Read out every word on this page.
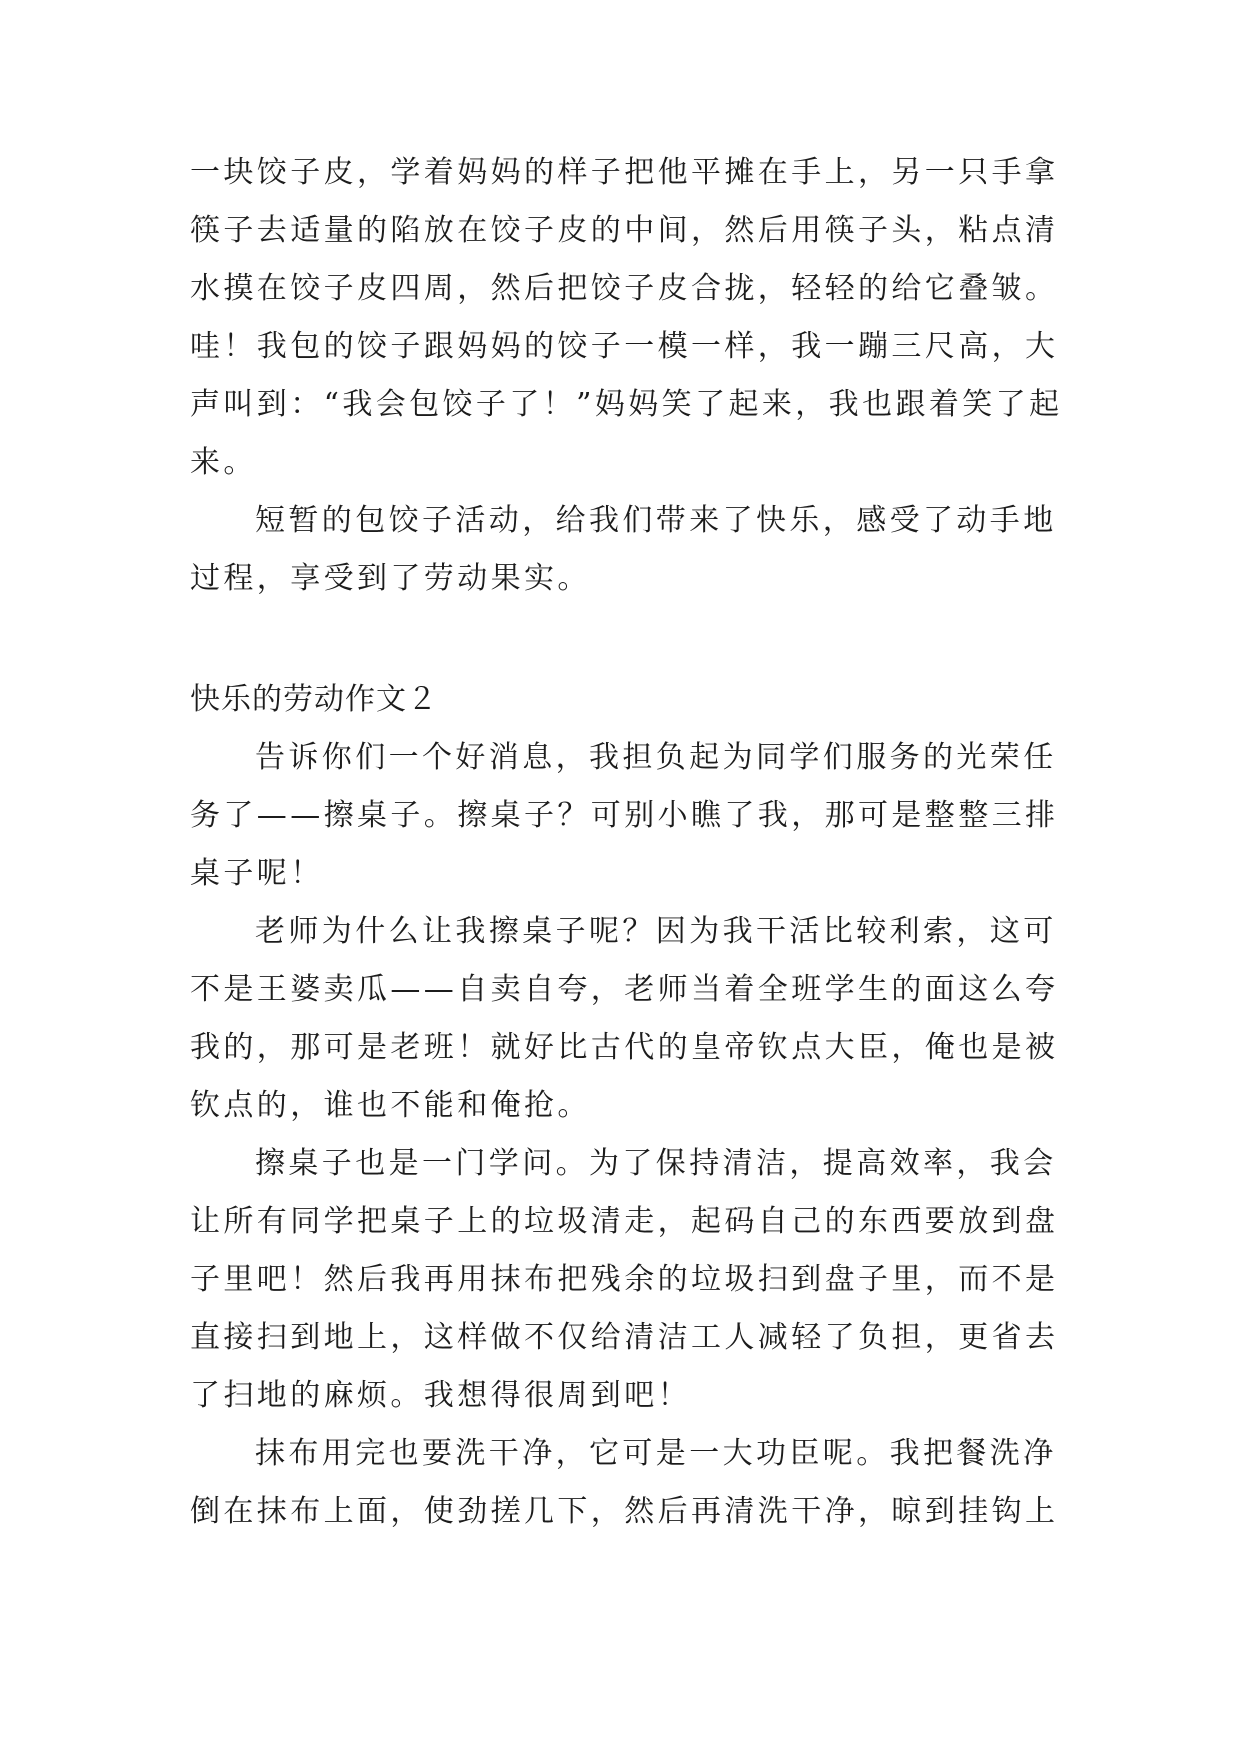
一块饺子皮，学着妈妈的样子把他平摊在手上，另一只手拿
筷子去适量的陷放在饺子皮的中间，然后用筷子头，粘点清
水摸在饺子皮四周，然后把饺子皮合拢，轻轻的给它叠皱。
哇！我包的饺子跟妈妈的饺子一模一样，我一蹦三尺高，大
声叫到：“我会包饺子了！”妈妈笑了起来，我也跟着笑了起
来。
短暂的包饺子活动，给我们带来了快乐，感受了动手地
过程，享受到了劳动果实。
快乐的劳动作文２
告诉你们一个好消息，我担负起为同学们服务的光荣任
务了——擦桌子。擦桌子？可别小瞧了我，那可是整整三排
桌子呢！
老师为什么让我擦桌子呢？因为我干活比较利索，这可
不是王婆卖瓜——自卖自夸，老师当着全班学生的面这么夸
我的，那可是老班！就好比古代的皇帝钦点大臣，俺也是被
钦点的，谁也不能和俺抢。
擦桌子也是一门学问。为了保持清洁，提高效率，我会
让所有同学把桌子上的垃圾清走，起码自己的东西要放到盘
子里吧！然后我再用抹布把残余的垃圾扫到盘子里，而不是
直接扫到地上，这样做不仅给清洁工人减轻了负担，更省去
了扫地的麻烦。我想得很周到吧！
抹布用完也要洗干净，它可是一大功臣呢。我把餐洗净
倒在抹布上面，使劲搓几下，然后再清洗干净，晾到挂钩上
